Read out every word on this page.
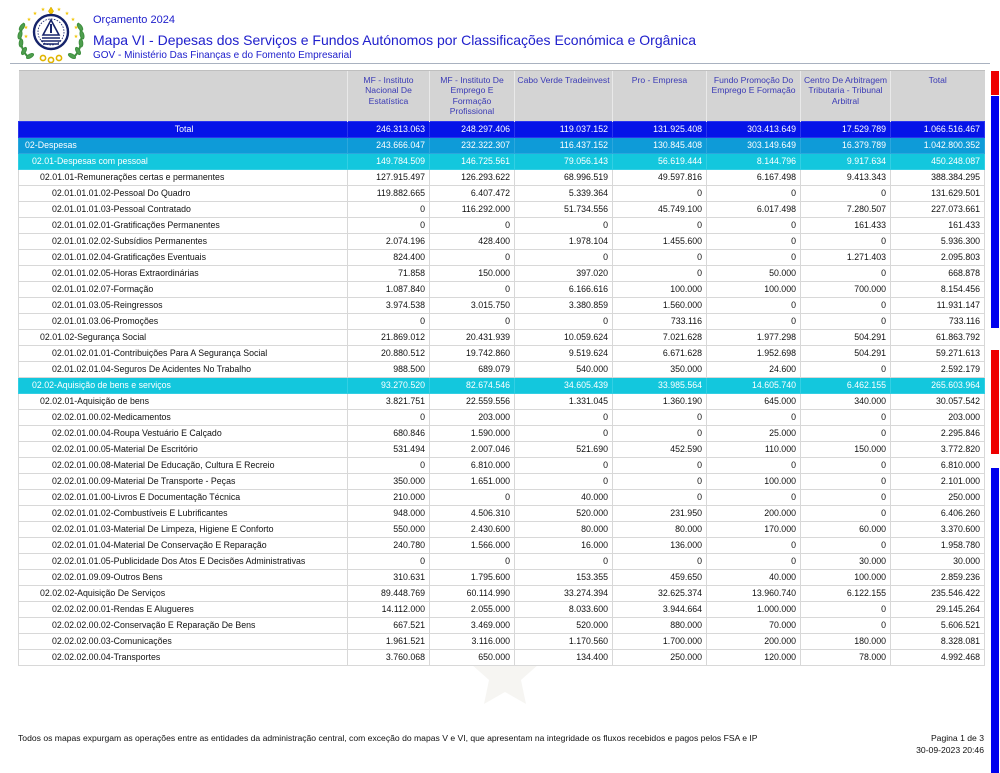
★
★
★ ★
★
★
★	★
★	★
Orçamento 2024
Mapa VI - Depesas dos Serviços e Fundos Autónomos por Classificações Económica e Orgânica
GOV - Ministério Das Finanças e do Fomento Empresarial
	MF - Instituto Nacional De Estatística	MF - Instituto De Emprego E Formação Profissional	Cabo Verde Tradeinvest	Pro - Empresa	Fundo Promoção Do Emprego E Formação	Centro De Arbitragem Tributaria - Tribunal Arbitral	Total
Total	246.313.063	248.297.406	119.037.152	131.925.408	303.413.649	17.529.789	1.066.516.467
02-Despesas	243.666.047	232.322.307	116.437.152	130.845.408	303.149.649	16.379.789	1.042.800.352
02.01-Despesas com pessoal	149.784.509	146.725.561	79.056.143	56.619.444	8.144.796	9.917.634	450.248.087
02.01.01-Remunerações certas e permanentes	127.915.497	126.293.622	68.996.519	49.597.816	6.167.498	9.413.343	388.384.295
02.01.01.01.02-Pessoal Do Quadro	119.882.665	6.407.472	5.339.364	0	0	0	131.629.501
02.01.01.01.03-Pessoal Contratado	0	116.292.000	51.734.556	45.749.100	6.017.498	7.280.507	227.073.661
02.01.01.02.01-Gratificações Permanentes	0	0	0	0	0	161.433	161.433
02.01.01.02.02-Subsídios Permanentes	2.074.196	428.400	1.978.104	1.455.600	0	0	5.936.300
02.01.01.02.04-Gratificações Eventuais	824.400	0	0	0	0	1.271.403	2.095.803
02.01.01.02.05-Horas Extraordinárias	71.858	150.000	397.020	0	50.000	0	668.878
02.01.01.02.07-Formação	1.087.840	0	6.166.616	100.000	100.000	700.000	8.154.456
02.01.01.03.05-Reingressos	3.974.538	3.015.750	3.380.859	1.560.000	0	0	11.931.147
02.01.01.03.06-Promoções	0	0	0	733.116	0	0	733.116
02.01.02-Segurança Social	21.869.012	20.431.939	10.059.624	7.021.628	1.977.298	504.291	61.863.792
02.01.02.01.01-Contribuições Para A Segurança Social	20.880.512	19.742.860	9.519.624	6.671.628	1.952.698	504.291	59.271.613
02.01.02.01.04-Seguros De Acidentes No Trabalho	988.500	689.079	540.000	350.000	24.600	0	2.592.179
02.02-Aquisição de bens e serviços	93.270.520	82.674.546	34.605.439	33.985.564	14.605.740	6.462.155	265.603.964
02.02.01-Aquisição de bens	3.821.751	22.559.556	1.331.045	1.360.190	645.000	340.000	30.057.542
02.02.01.00.02-Medicamentos	0	203.000	0	0	0	0	203.000
02.02.01.00.04-Roupa Vestuário E Calçado	680.846	1.590.000	0	0	25.000	0	2.295.846
02.02.01.00.05-Material De Escritório	531.494	2.007.046	521.690	452.590	110.000	150.000	3.772.820
02.02.01.00.08-Material De Educação, Cultura E Recreio	0	6.810.000	0	0	0	0	6.810.000
02.02.01.00.09-Material De Transporte - Peças	350.000	1.651.000	0	0	100.000	0	2.101.000
02.02.01.01.00-Livros E Documentação Técnica	210.000	0	40.000	0	0	0	250.000
02.02.01.01.02-Combustíveis E Lubrificantes	948.000	4.506.310	520.000	231.950	200.000	0	6.406.260
02.02.01.01.03-Material De Limpeza, Higiene E Conforto	550.000	2.430.600	80.000	80.000	170.000	60.000	3.370.600
02.02.01.01.04-Material De Conservação E Reparação	240.780	1.566.000	16.000	136.000	0	0	1.958.780
02.02.01.01.05-Publicidade Dos Atos E Decisões Administrativas	0	0	0	0	0	30.000	30.000
02.02.01.09.09-Outros Bens	310.631	1.795.600	153.355	459.650	40.000	100.000	2.859.236
02.02.02-Aquisição De Serviços	89.448.769	60.114.990	33.274.394	32.625.374	13.960.740	6.122.155	235.546.422
02.02.02.00.01-Rendas E Alugueres	14.112.000	2.055.000	8.033.600	3.944.664	1.000.000	0	29.145.264
02.02.02.00.02-Conservação E Reparação De Bens	667.521	3.469.000	520.000	880.000	70.000	0	5.606.521
02.02.02.00.03-Comunicações	1.961.521	3.116.000	1.170.560	1.700.000	200.000	180.000	8.328.081
02.02.02.00.04-Transportes	3.760.068	650.000	134.400	250.000	120.000	78.000	4.992.468
Todos os mapas expurgam as operações entre as entidades da administração central, com exceção do mapas V e VI, que apresentam na integridade os fluxos recebidos e pagos pelos FSA e IP	Pagina 1 de 3
30-09-2023 20:46
